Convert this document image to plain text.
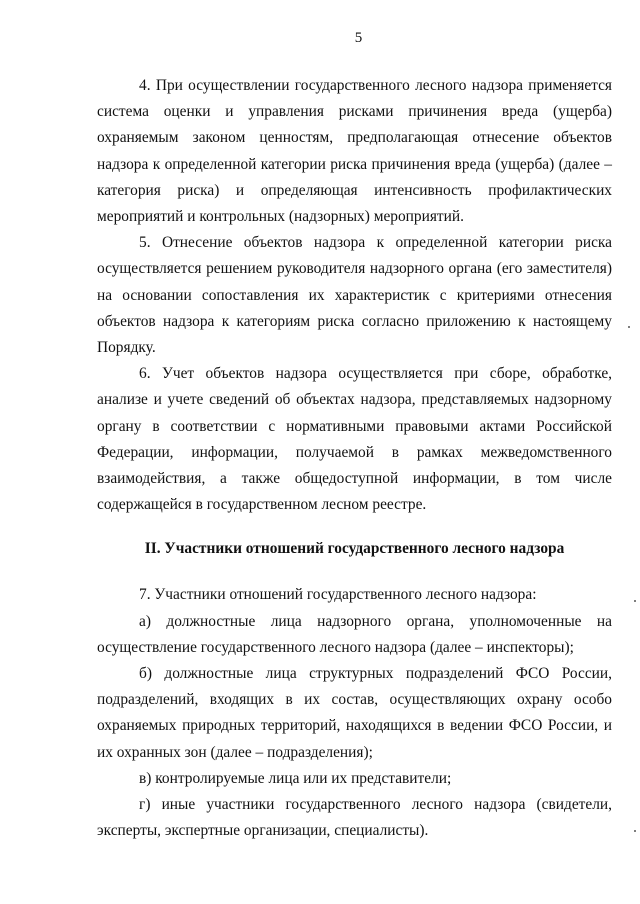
5

4. При осуществлении государственного лесного надзора применяется система оценки и управления рисками причинения вреда (ущерба) охраняемым законом ценностям, предполагающая отнесение объектов надзора к определенной категории риска причинения вреда (ущерба) (далее – категория риска) и определяющая интенсивность профилактических мероприятий и контрольных (надзорных) мероприятий.

5. Отнесение объектов надзора к определенной категории риска осуществляется решением руководителя надзорного органа (его заместителя) на основании сопоставления их характеристик с критериями отнесения объектов надзора к категориям риска согласно приложению к настоящему Порядку.

6. Учет объектов надзора осуществляется при сборе, обработке, анализе и учете сведений об объектах надзора, представляемых надзорному органу в соответствии с нормативными правовыми актами Российской Федерации, информации, получаемой в рамках межведомственного взаимодействия, а также общедоступной информации, в том числе содержащейся в государственном лесном реестре.

II. Участники отношений государственного лесного надзора

7. Участники отношений государственного лесного надзора:

а) должностные лица надзорного органа, уполномоченные на осуществление государственного лесного надзора (далее – инспекторы);

б) должностные лица структурных подразделений ФСО России, подразделений, входящих в их состав, осуществляющих охрану особо охраняемых природных территорий, находящихся в ведении ФСО России, и их охранных зон (далее – подразделения);

в) контролируемые лица или их представители;

г) иные участники государственного лесного надзора (свидетели, эксперты, экспертные организации, специалисты).
